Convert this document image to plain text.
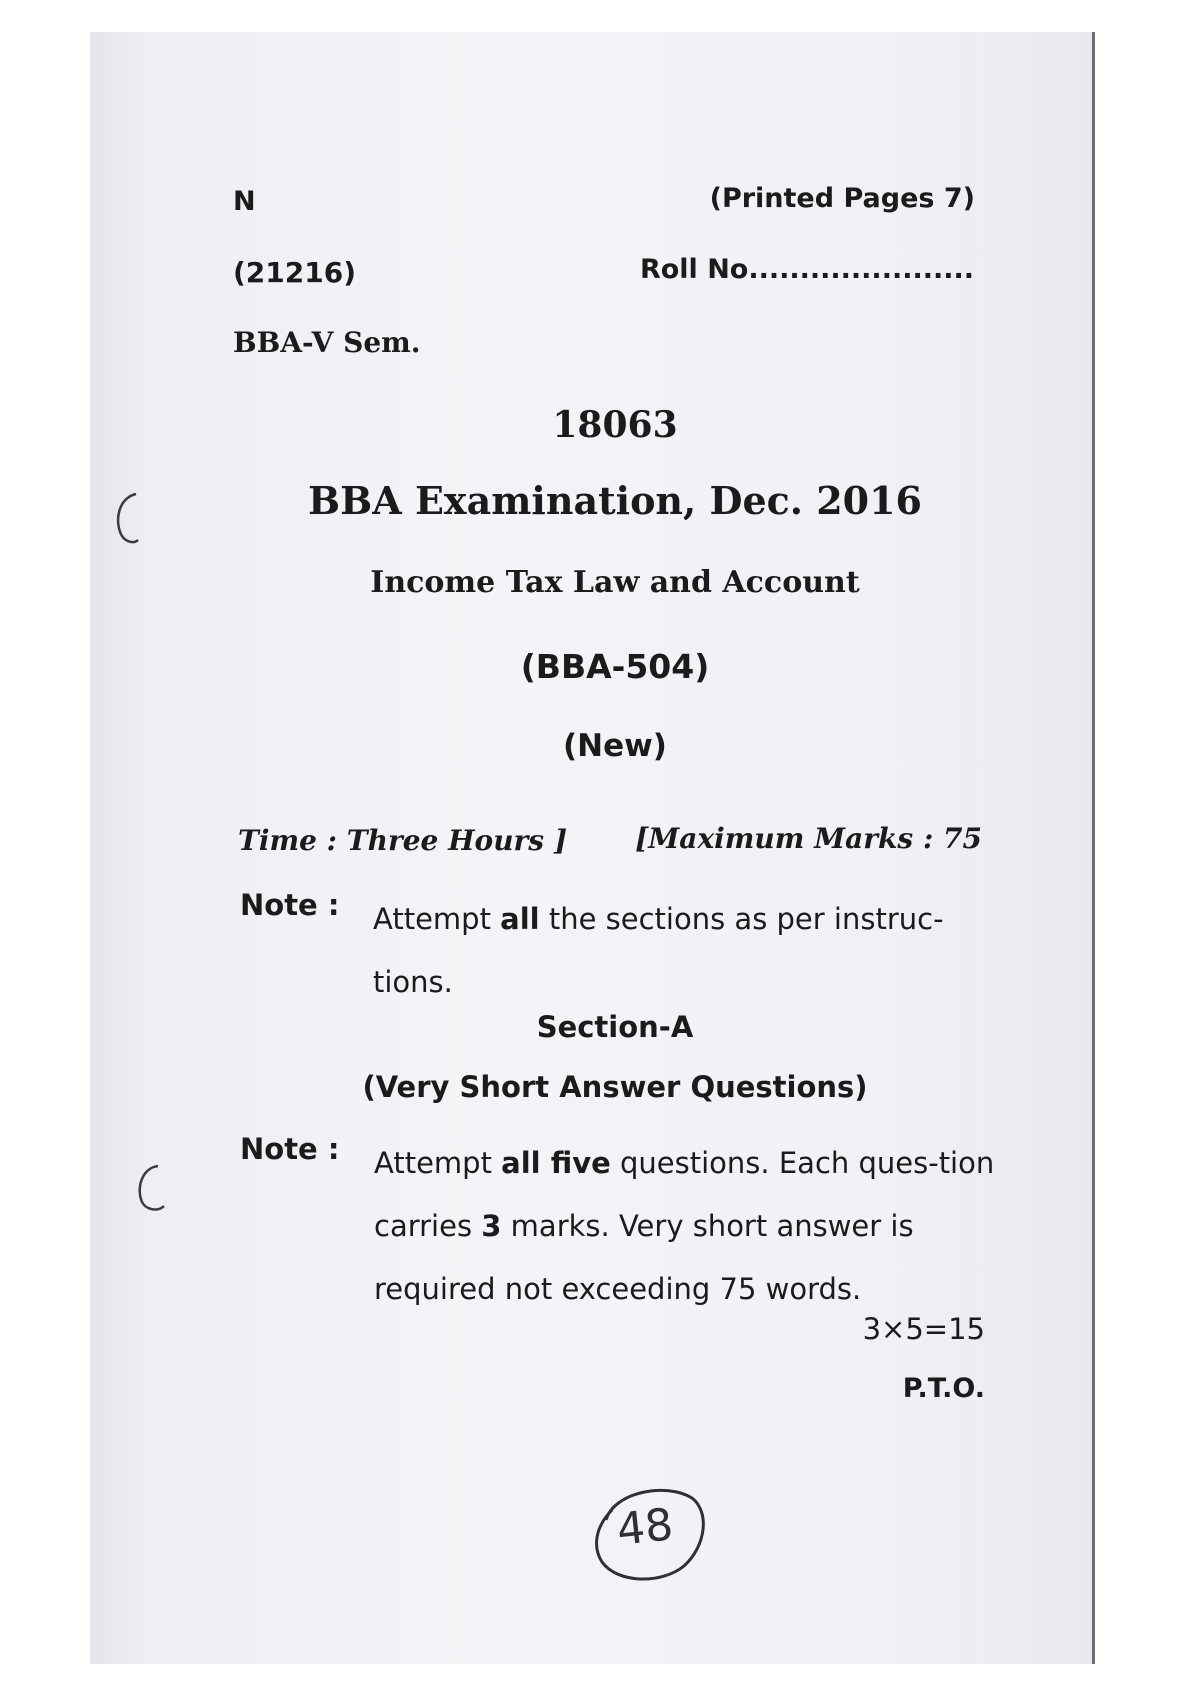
N	(Printed Pages 7)

(21216)	Roll No......................

BBA-V Sem.

18063

BBA Examination, Dec. 2016

Income Tax Law and Account

(BBA-504)

(New)

Time : Three Hours ] [Maximum Marks : 75

Note : Attempt all the sections as per instruc-tions.

Section-A

(Very Short Answer Questions)

Note : Attempt all five questions. Each ques-tion carries 3 marks. Very short answer is required not exceeding 75 words.

3×5=15

P.T.O.

48
